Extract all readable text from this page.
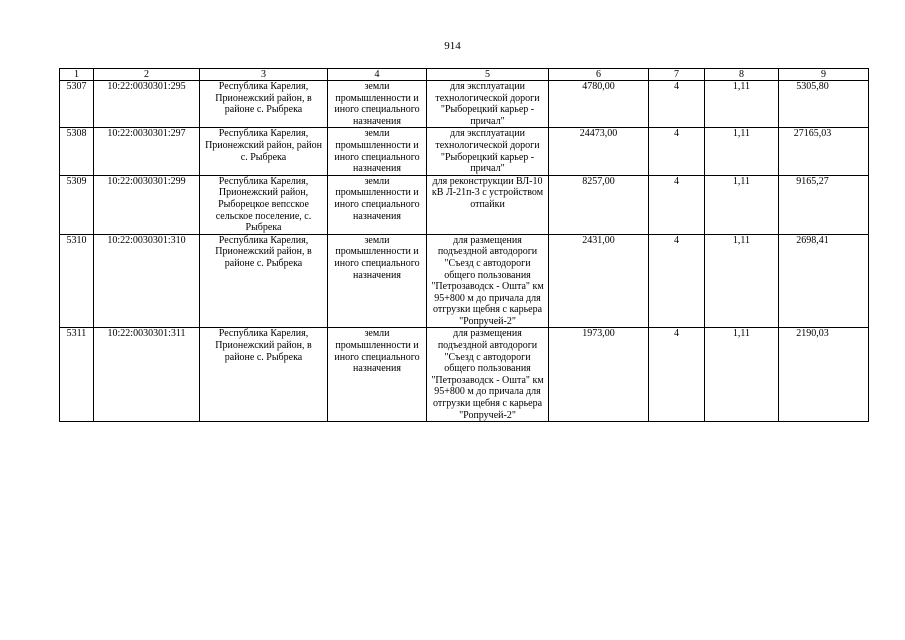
914
1	2	3	4	5	6	7	8	9
5307	10:22:0030301:295	Республика Карелия, Прионежский район, в районе с. Рыбрека	земли промышленности и иного специального назначения	для эксплуатации технологической дороги "Рыборецкий карьер - причал"	4780,00	4	1,11	5305,80
5308	10:22:0030301:297	Республика Карелия, Прионежский район, район с. Рыбрека	земли промышленности и иного специального назначения	для эксплуатации технологической дороги "Рыборецкий карьер - причал"	24473,00	4	1,11	27165,03
5309	10:22:0030301:299	Республика Карелия, Прионежский район, Рыборецкое вепсское сельское поселение, с. Рыбрека	земли промышленности и иного специального назначения	для реконструкции ВЛ-10 кВ Л-21п-3 с устройством отпайки	8257,00	4	1,11	9165,27
5310	10:22:0030301:310	Республика Карелия, Прионежский район, в районе с. Рыбрека	земли промышленности и иного специального назначения	для размещения подъездной автодороги "Съезд с автодороги общего пользования "Петрозаводск - Ошта" км 95+800 м до причала для отгрузки щебня с карьера "Ропручей-2"	2431,00	4	1,11	2698,41
5311	10:22:0030301:311	Республика Карелия, Прионежский район, в районе с. Рыбрека	земли промышленности и иного специального назначения	для размещения подъездной автодороги "Съезд с автодороги общего пользования "Петрозаводск - Ошта" км 95+800 м до причала для отгрузки щебня с карьера "Ропручей-2"	1973,00	4	1,11	2190,03
